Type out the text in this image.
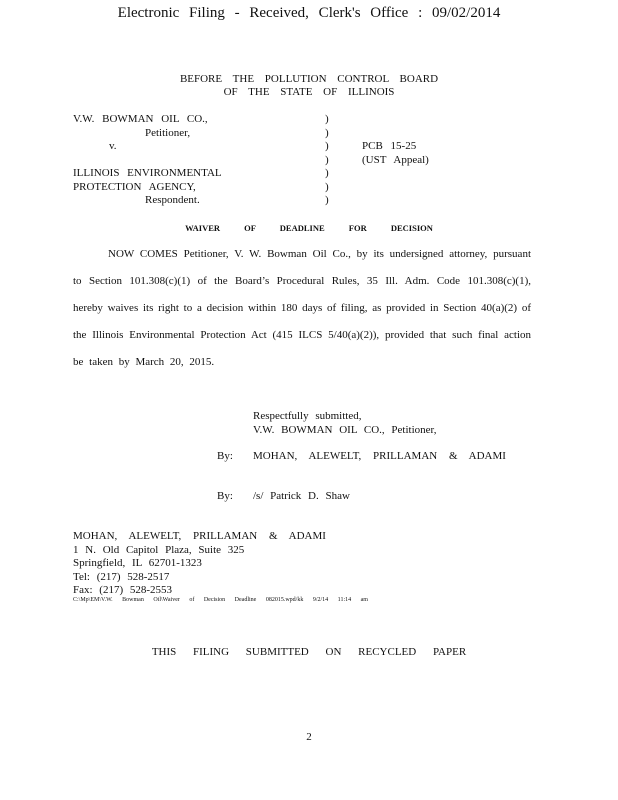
Electronic Filing - Received, Clerk's Office : 09/02/2014
BEFORE THE POLLUTION CONTROL BOARD
OF THE STATE OF ILLINOIS
V.W. BOWMAN OIL CO.,
Petitioner,
v.
ILLINOIS ENVIRONMENTAL
PROTECTION AGENCY,
Respondent.
)
)
)
)
)
)
)
PCB 15-25
(UST Appeal)
WAIVER OF DEADLINE FOR DECISION
NOW COMES Petitioner, V. W. Bowman Oil Co., by its undersigned attorney, pursuant
to Section 101.308(c)(1) of the Board’s Procedural Rules, 35 Ill. Adm. Code 101.308(c)(1),
hereby waives its right to a decision within 180 days of filing, as provided in Section 40(a)(2) of
the Illinois Environmental Protection Act (415 ILCS 5/40(a)(2)), provided that such final action
be taken by March 20, 2015.
Respectfully submitted,
V.W. BOWMAN OIL CO., Petitioner,
By: MOHAN, ALEWELT, PRILLAMAN & ADAMI
By: /s/ Patrick D. Shaw
MOHAN, ALEWELT, PRILLAMAN & ADAMI
1 N. Old Capitol Plaza, Suite 325
Springfield, IL 62701-1323
Tel: (217) 528-2517
Fax: (217) 528-2553
C:\Mp\EM\V.W. Bowman Oil\Waiver of Decision Deadline 082015.wpd/kk 9/2/14 11:14 am
THIS FILING SUBMITTED ON RECYCLED PAPER
2
